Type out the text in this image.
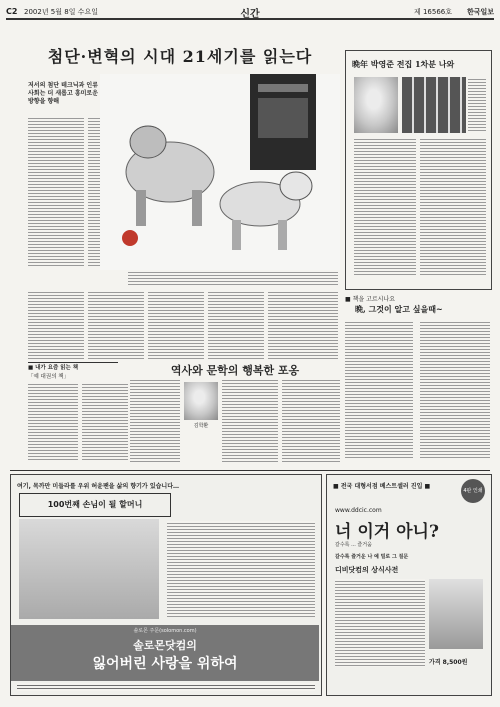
C2 2002년 5월 8일 수요일	신간	제 16566호 한국일보
첨단·변혁의 시대 21세기를 읽는다
저서의 첨단 테크닉과 인류
사회는 더 새롭고 흥미로운
방향을 향해
晩年 박영준 전집 1차분 나와
■ 책을 고르시나요
晩, 그것이 알고 싶을때~
■ 내가 요즘 읽는 책
「예 대권의 책」	역사와 문학의 행복한 포옹
김학환
여기, 목까만 미들라를 우위 허윤팬을 삶의 향기가 있습니다…
100번째 손님이 될 할머니
솔로몬 주문(solomon.com)
솔로몬닷컴의
잃어버린 사랑을 위하여
■ 전국 대형서점 베스트셀러 진입 ■
4판 인쇄
www.ddcic.com
너 이거 아니?
갈수록 ... 즐거움
갈수록 즐거운 나 예 밀로 그 질문
디비닷컴의 상식사전
가격 8,500원
